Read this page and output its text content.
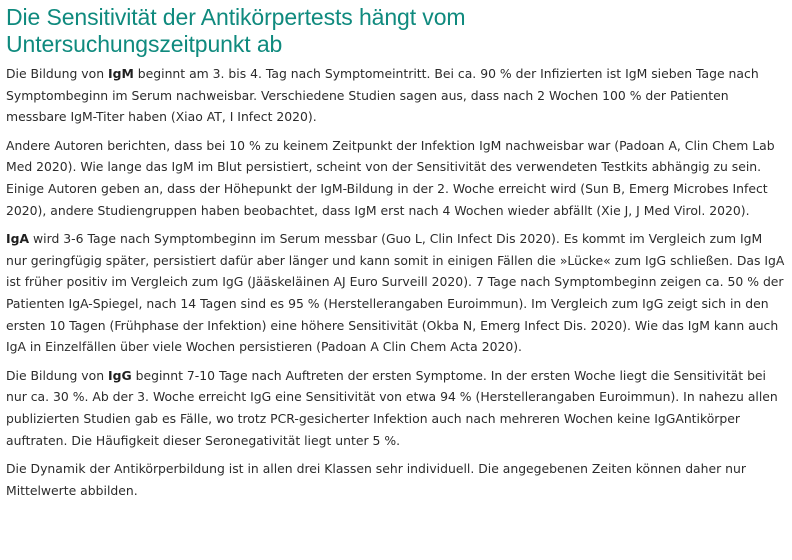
Die Sensitivität der Antikörpertests hängt vom
Untersuchungszeitpunkt ab

Die Bildung von IgM beginnt am 3. bis 4. Tag nach Symptomeintritt. Bei ca. 90 % der Infizierten ist IgM sieben Tage nach Symptombeginn im Serum nachweisbar. Verschiedene Studien sagen aus, dass nach 2 Wochen 100 % der Patienten messbare IgM-Titer haben (Xiao AT, I Infect 2020).

Andere Autoren berichten, dass bei 10 % zu keinem Zeitpunkt der Infektion IgM nachweisbar war (Padoan A, Clin Chem Lab Med 2020). Wie lange das IgM im Blut persistiert, scheint von der Sensitivität des verwendeten Testkits abhängig zu sein. Einige Autoren geben an, dass der Höhepunkt der IgM-Bildung in der 2. Woche erreicht wird (Sun B, Emerg Microbes Infect 2020), andere Studiengruppen haben beobachtet, dass IgM erst nach 4 Wochen wieder abfällt (Xie J, J Med Virol. 2020).

IgA wird 3-6 Tage nach Symptombeginn im Serum messbar (Guo L, Clin Infect Dis 2020). Es kommt im Vergleich zum IgM nur geringfügig später, persistiert dafür aber länger und kann somit in einigen Fällen die »Lücke« zum IgG schließen. Das IgA ist früher positiv im Vergleich zum IgG (Jääskeläinen AJ Euro Surveill 2020). 7 Tage nach Symptombeginn zeigen ca. 50 % der Patienten IgA-Spiegel, nach 14 Tagen sind es 95 % (Herstellerangaben Euroimmun). Im Vergleich zum IgG zeigt sich in den ersten 10 Tagen (Frühphase der Infektion) eine höhere Sensitivität (Okba N, Emerg Infect Dis. 2020). Wie das IgM kann auch IgA in Einzelfällen über viele Wochen persistieren (Padoan A Clin Chem Acta 2020).

Die Bildung von IgG beginnt 7-10 Tage nach Auftreten der ersten Symptome. In der ersten Woche liegt die Sensitivität bei nur ca. 30 %. Ab der 3. Woche erreicht IgG eine Sensitivität von etwa 94 % (Herstellerangaben Euroimmun). In nahezu allen publizierten Studien gab es Fälle, wo trotz PCR-gesicherter Infektion auch nach mehreren Wochen keine IgGAntikörper auftraten. Die Häufigkeit dieser Seronegativität liegt unter 5 %.

Die Dynamik der Antikörperbildung ist in allen drei Klassen sehr individuell. Die angegebenen Zeiten können daher nur Mittelwerte abbilden.
